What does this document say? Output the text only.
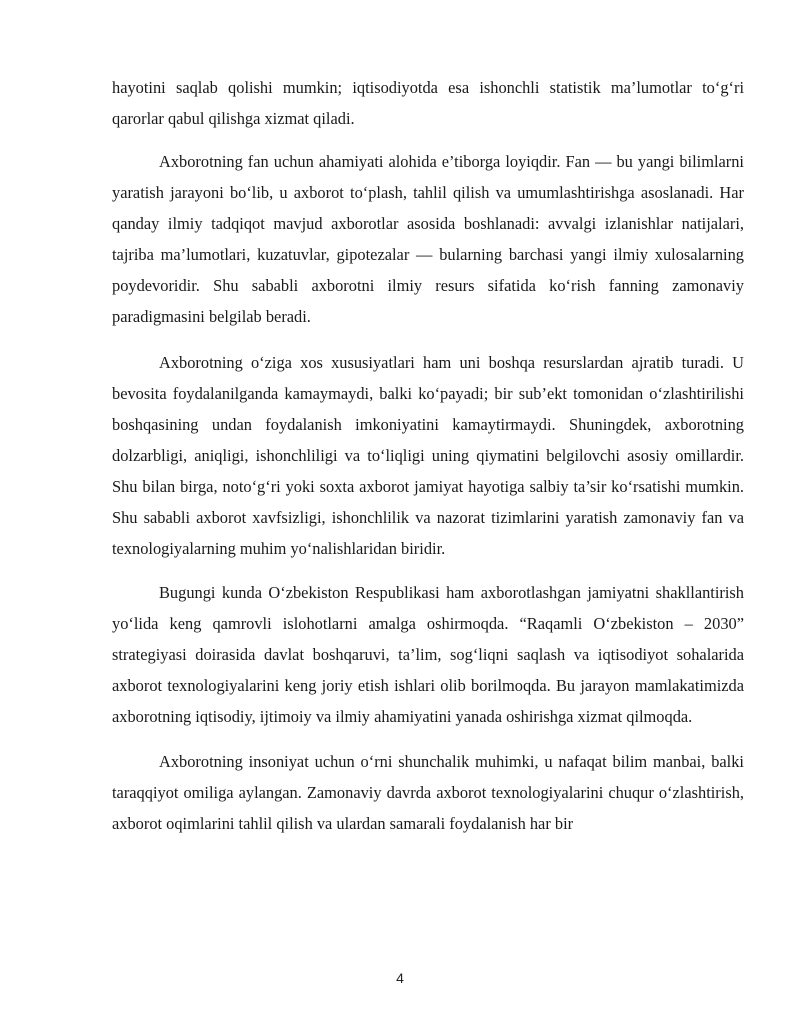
hayotini saqlab qolishi mumkin; iqtisodiyotda esa ishonchli statistik ma’lumotlar to‘g‘ri qarorlar qabul qilishga xizmat qiladi.

Axborotning fan uchun ahamiyati alohida e’tiborga loyiqdir. Fan — bu yangi bilimlarni yaratish jarayoni bo‘lib, u axborot to‘plash, tahlil qilish va umumlashtirishga asoslanadi. Har qanday ilmiy tadqiqot mavjud axborotlar asosida boshlanadi: avvalgi izlanishlar natijalari, tajriba ma’lumotlari, kuzatuvlar, gipotezalar — bularning barchasi yangi ilmiy xulosalarning poydevoridir. Shu sababli axborotni ilmiy resurs sifatida ko‘rish fanning zamonaviy paradigmasini belgilab beradi.

Axborotning o‘ziga xos xususiyatlari ham uni boshqa resurslardan ajratib turadi. U bevosita foydalanilganda kamaymaydi, balki ko‘payadi; bir sub’ekt tomonidan o‘zlashtirilishi boshqasining undan foydalanish imkoniyatini kamaytirmaydi. Shuningdek, axborotning dolzarbligi, aniqligi, ishonchliligi va to‘liqligi uning qiymatini belgilovchi asosiy omillardir. Shu bilan birga, noto‘g‘ri yoki soxta axborot jamiyat hayotiga salbiy ta’sir ko‘rsatishi mumkin. Shu sababli axborot xavfsizligi, ishonchlilik va nazorat tizimlarini yaratish zamonaviy fan va texnologiyalarning muhim yo‘nalishlaridan biridir.

Bugungi kunda O‘zbekiston Respublikasi ham axborotlashgan jamiyatni shakllantirish yo‘lida keng qamrovli islohotlarni amalga oshirmoqda. “Raqamli O‘zbekiston – 2030” strategiyasi doirasida davlat boshqaruvi, ta’lim, sog‘liqni saqlash va iqtisodiyot sohalarida axborot texnologiyalarini keng joriy etish ishlari olib borilmoqda. Bu jarayon mamlakatimizda axborotning iqtisodiy, ijtimoiy va ilmiy ahamiyatini yanada oshirishga xizmat qilmoqda.

Axborotning insoniyat uchun o‘rni shunchalik muhimki, u nafaqat bilim manbai, balki taraqqiyot omiliga aylangan. Zamonaviy davrda axborot texnologiyalarini chuqur o‘zlashtirish, axborot oqimlarini tahlil qilish va ulardan samarali foydalanish har bir

4
